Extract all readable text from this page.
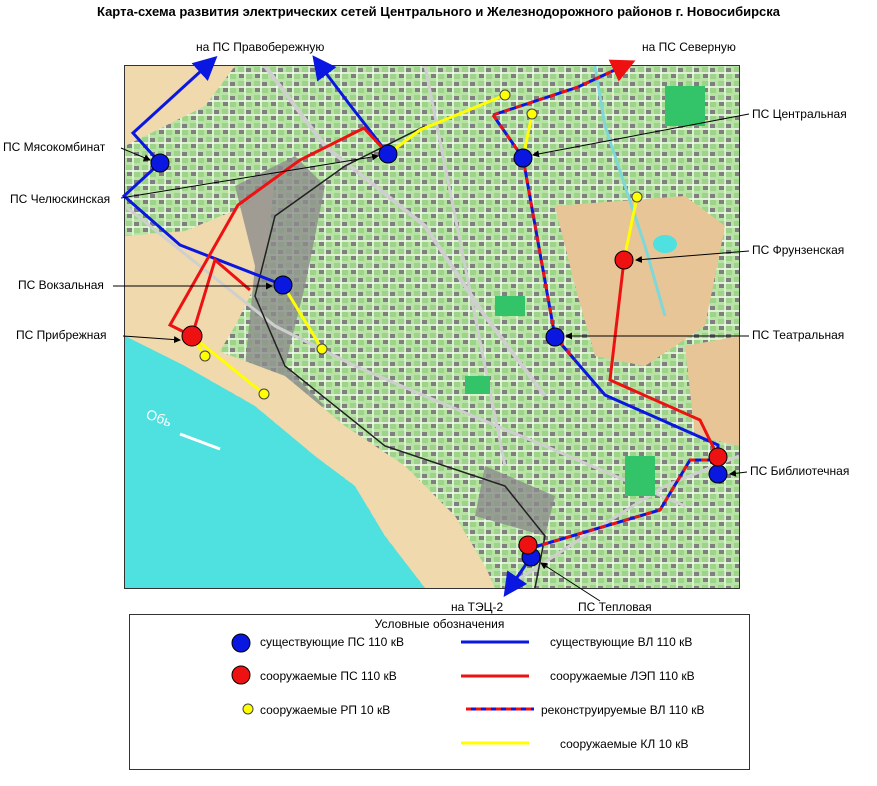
Карта-схема развития электрических сетей Центрального и Железнодорожного районов г. Новосибирска
Обь
на ПС Правобережную	на ПС Северную
на ТЭЦ-2
ПС Мясокомбинат
ПС Челюскинская
ПС Вокзальная
ПС Прибрежная
ПС Центральная
ПС Фрунзенская
ПС Театральная
ПС Библиотечная
ПС Тепловая
Условные обозначения
существующие ПС 110 кВ
сооружаемые ПС 110 кВ
сооружаемые РП 10 кВ
существующие ВЛ 110 кВ
сооружаемые ЛЭП 110 кВ
реконструируемые ВЛ 110 кВ
сооружаемые КЛ 10 кВ
